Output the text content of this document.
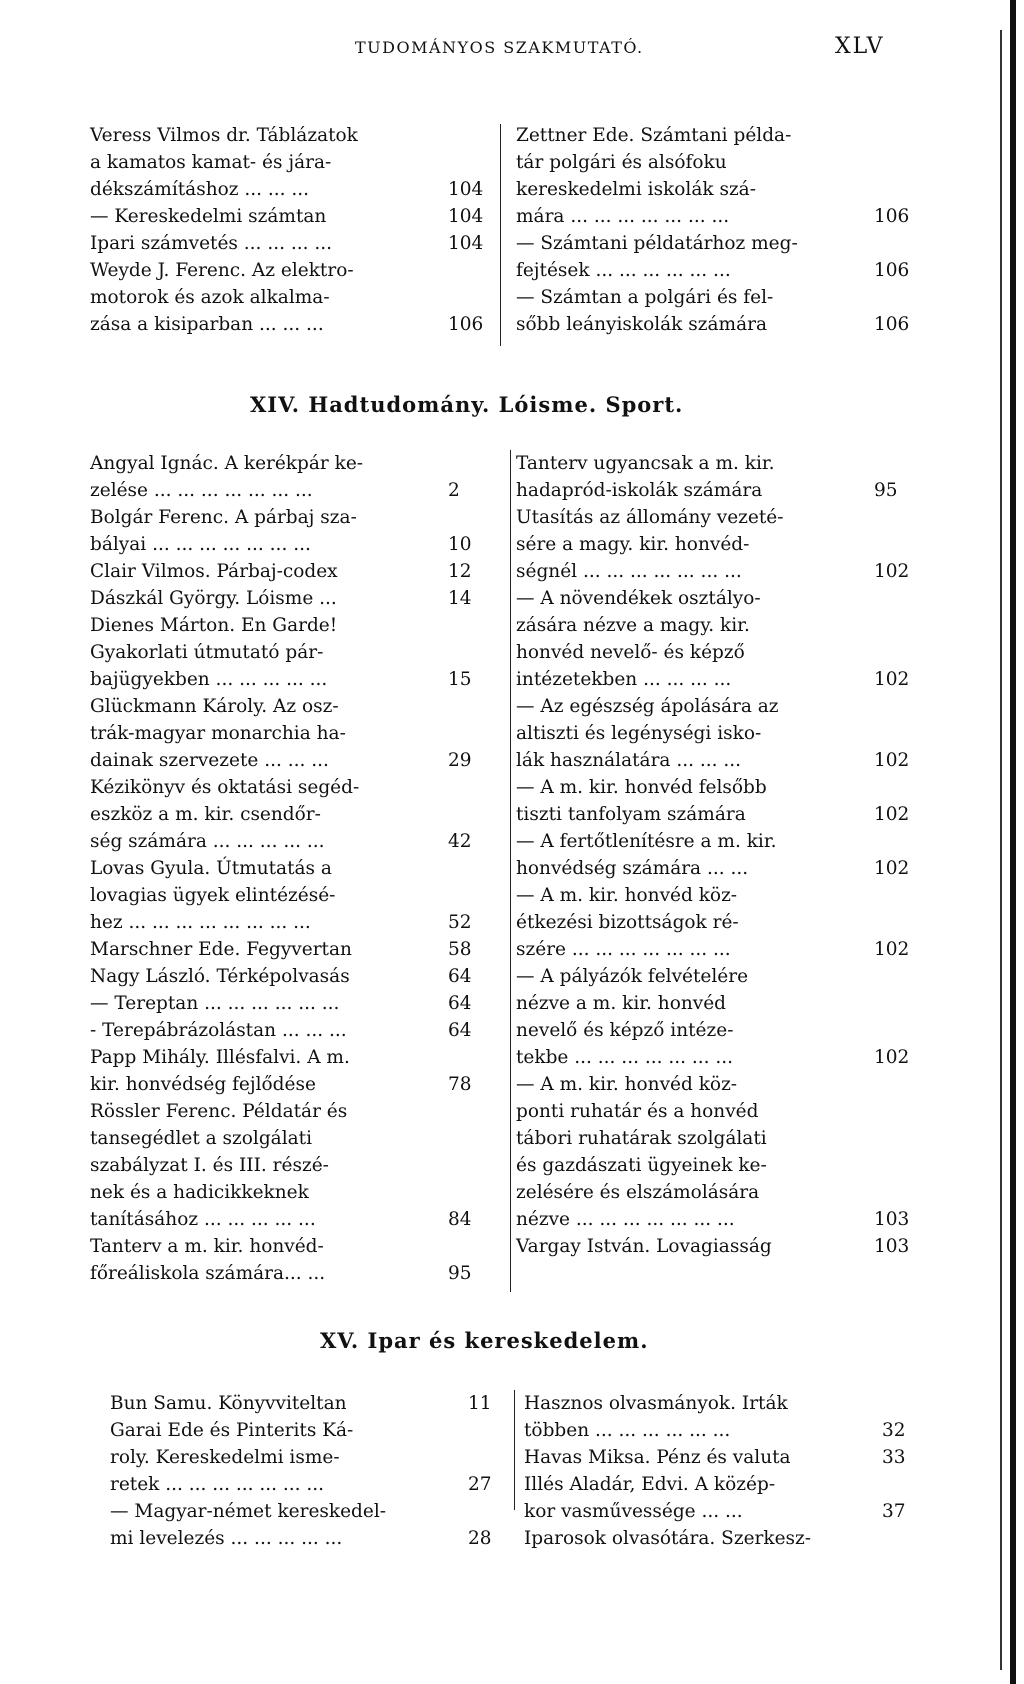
TUDOMÁNYOS SZAKMUTATÓ.	XLV
Veress Vilmos dr. Táblázatok
a kamatos kamat- és jára-
dékszámításhoz ... ... ...	104
— Kereskedelmi számtan	104
Ipari számvetés ... ... ... ...	104
Weyde J. Ferenc. Az elektro-
motorok és azok alkalma-
zása a kisiparban ... ... ...	106
Zettner Ede. Számtani példa-
tár polgári és alsófoku
kereskedelmi iskolák szá-
mára ... ... ... ... ... ... ...	106
— Számtani példatárhoz meg-
fejtések ... ... ... ... ... ...	106
— Számtan a polgári és fel-
sőbb leányiskolák számára	106
XIV. Hadtudomány. Lóisme. Sport.
Angyal Ignác. A kerékpár ke-
zelése ... ... ... ... ... ... ...	2
Bolgár Ferenc. A párbaj sza-
bályai ... ... ... ... ... ... ...	10
Clair Vilmos. Párbaj-codex	12
Dászkál György. Lóisme ...	14
Dienes Márton. En Garde!
Gyakorlati útmutató pár-
bajügyekben ... ... ... ... ...	15
Glückmann Károly. Az osz-
trák-magyar monarchia ha-
dainak szervezete ... ... ...	29
Kézikönyv és oktatási segéd-
eszköz a m. kir. csendőr-
ség számára ... ... ... ... ...	42
Lovas Gyula. Útmutatás a
lovagias ügyek elintézésé-
hez ... ... ... ... ... ... ... ...	52
Marschner Ede. Fegyvertan	58
Nagy László. Térképolvasás	64
— Tereptan ... ... ... ... ... ...	64
- Terepábrázolástan ... ... ...	64
Papp Mihály. Illésfalvi. A m.
kir. honvédség fejlődése	78
Rössler Ferenc. Példatár és
tansegédlet a szolgálati
szabályzat I. és III. részé-
nek és a hadicikkeknek
tanításához ... ... ... ... ...	84
Tanterv a m. kir. honvéd-
főreáliskola számára... ...	95
Tanterv ugyancsak a m. kir.
hadapród-iskolák számára	95
Utasítás az állomány vezeté-
sére a magy. kir. honvéd-
ségnél ... ... ... ... ... ... ...	102
— A növendékek osztályo-
zására nézve a magy. kir.
honvéd nevelő- és képző
intézetekben ... ... ... ...	102
— Az egészség ápolására az
altiszti és legénységi isko-
lák használatára ... ... ...	102
— A m. kir. honvéd felsőbb
tiszti tanfolyam számára	102
— A fertőtlenítésre a m. kir.
honvédség számára ... ...	102
— A m. kir. honvéd köz-
étkezési bizottságok ré-
szére ... ... ... ... ... ... ...	102
— A pályázók felvételére
nézve a m. kir. honvéd
nevelő és képző intéze-
tekbe ... ... ... ... ... ... ...	102
— A m. kir. honvéd köz-
ponti ruhatár és a honvéd
tábori ruhatárak szolgálati
és gazdászati ügyeinek ke-
zelésére és elszámolására
nézve ... ... ... ... ... ... ...	103
Vargay István. Lovagiasság	103
XV. Ipar és kereskedelem.
Bun Samu. Könyvviteltan	11
Garai Ede és Pinterits Ká-
roly. Kereskedelmi isme-
retek ... ... ... ... ... ... ...	27
— Magyar-német kereskedel-
mi levelezés ... ... ... ... ...	28
Hasznos olvasmányok. Irták
többen ... ... ... ... ... ...	32
Havas Miksa. Pénz és valuta	33
Illés Aladár, Edvi. A közép-
kor vasművessége ... ...	37
Iparosok olvasótára. Szerkesz-
